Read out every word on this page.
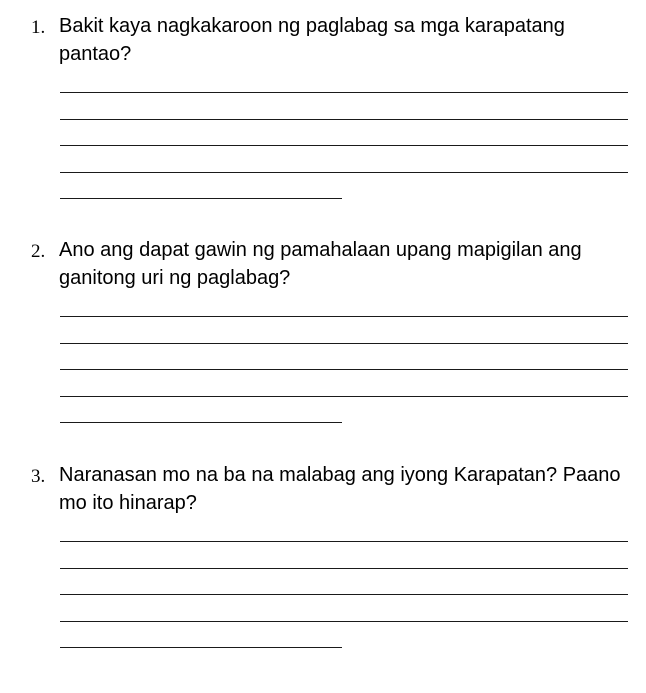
1. Bakit kaya nagkakaroon ng paglabag sa mga karapatang pantao?

2. Ano ang dapat gawin ng pamahalaan upang mapigilan ang ganitong uri ng paglabag?

3. Naranasan mo na ba na malabag ang iyong Karapatan? Paano mo ito hinarap?
